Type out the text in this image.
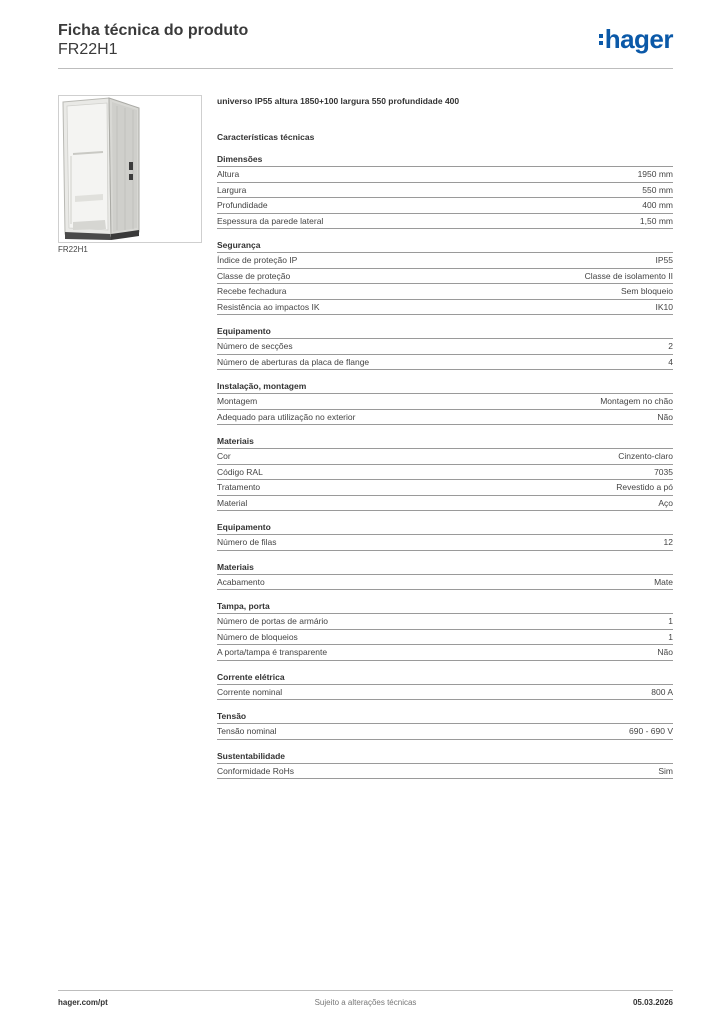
Ficha técnica do produto
FR22H1	hager
FR22H1
universo IP55 altura 1850+100 largura 550 profundidade 400
Características técnicas
Dimensões
Altura	1950 mm
Largura	550 mm
Profundidade	400 mm
Espessura da parede lateral	1,50 mm
Segurança
Índice de proteção IP	IP55
Classe de proteção	Classe de isolamento II
Recebe fechadura	Sem bloqueio
Resistência ao impactos IK	IK10
Equipamento
Número de secções	2
Número de aberturas da placa de flange	4
Instalação, montagem
Montagem	Montagem no chão
Adequado para utilização no exterior	Não
Materiais
Cor	Cinzento-claro
Código RAL	7035
Tratamento	Revestido a pó
Material	Aço
Equipamento
Número de filas	12
Materiais
Acabamento	Mate
Tampa, porta
Número de portas de armário	1
Número de bloqueios	1
A porta/tampa é transparente	Não
Corrente elétrica
Corrente nominal	800 A
Tensão
Tensão nominal	690 - 690 V
Sustentabilidade
Conformidade RoHs	Sim
hager.com/pt	Sujeito a alterações técnicas	05.03.2026
